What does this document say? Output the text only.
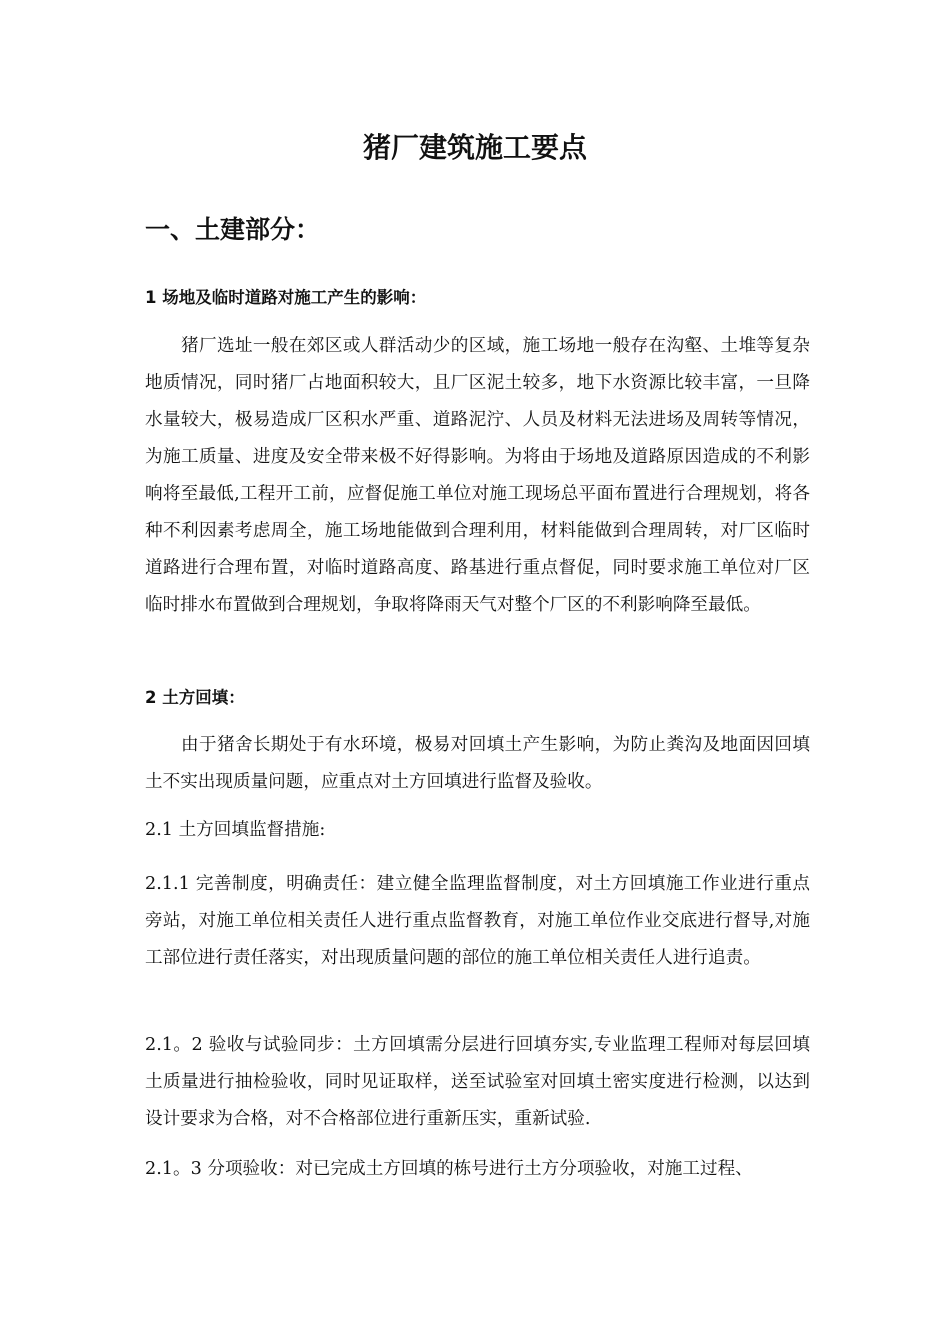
猪厂建筑施工要点
一、土建部分：
1 场地及临时道路对施工产生的影响：

猪厂选址一般在郊区或人群活动少的区域，施工场地一般存在沟壑、土堆等复杂地质情况，同时猪厂占地面积较大，且厂区泥土较多，地下水资源比较丰富，一旦降水量较大，极易造成厂区积水严重、道路泥泞、人员及材料无法进场及周转等情况，为施工质量、进度及安全带来极不好得影响。为将由于场地及道路原因造成的不利影响将至最低,工程开工前，应督促施工单位对施工现场总平面布置进行合理规划，将各种不利因素考虑周全，施工场地能做到合理利用，材料能做到合理周转，对厂区临时道路进行合理布置，对临时道路高度、路基进行重点督促，同时要求施工单位对厂区临时排水布置做到合理规划，争取将降雨天气对整个厂区的不利影响降至最低。

2 土方回填：

由于猪舍长期处于有水环境，极易对回填土产生影响，为防止粪沟及地面因回填土不实出现质量问题，应重点对土方回填进行监督及验收。

2.1 土方回填监督措施:

2.1.1 完善制度，明确责任：建立健全监理监督制度，对土方回填施工作业进行重点旁站，对施工单位相关责任人进行重点监督教育，对施工单位作业交底进行督导,对施工部位进行责任落实，对出现质量问题的部位的施工单位相关责任人进行追责。

2.1。2 验收与试验同步：土方回填需分层进行回填夯实,专业监理工程师对每层回填土质量进行抽检验收，同时见证取样，送至试验室对回填土密实度进行检测，以达到设计要求为合格，对不合格部位进行重新压实，重新试验.

2.1。3 分项验收：对已完成土方回填的栋号进行土方分项验收，对施工过程、
